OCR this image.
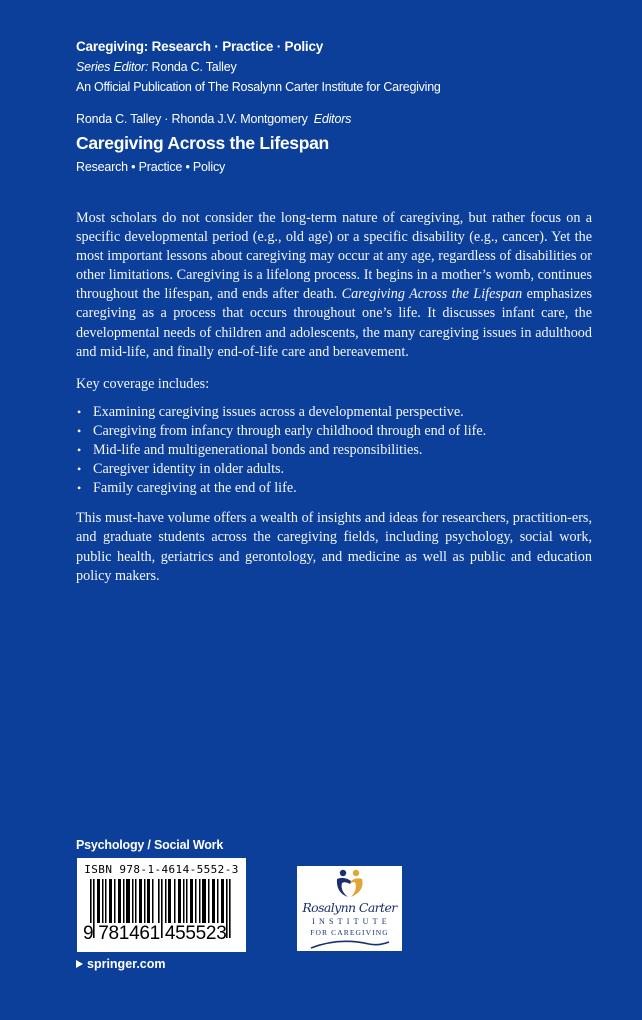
Caregiving: Research · Practice · Policy
Series Editor: Ronda C. Talley
An Official Publication of The Rosalynn Carter Institute for Caregiving
Ronda C. Talley · Rhonda J.V. Montgomery Editors
Caregiving Across the Lifespan
Research • Practice • Policy

Most scholars do not consider the long-term nature of caregiving, but rather focus on a specific developmental period (e.g., old age) or a specific disability (e.g., cancer). Yet the most important lessons about caregiving may occur at any age, regardless of disabilities or other limitations. Caregiving is a lifelong process. It begins in a mother’s womb, continues throughout the lifespan, and ends after death. Caregiving Across the Lifespan emphasizes caregiving as a process that occurs throughout one’s life. It discusses infant care, the developmental needs of children and adolescents, the many caregiving issues in adulthood and mid-life, and finally end-of-life care and bereavement.

Key coverage includes:

• Examining caregiving issues across a developmental perspective.
• Caregiving from infancy through early childhood through end of life.
• Mid-life and multigenerational bonds and responsibilities.
• Caregiver identity in older adults.
• Family caregiving at the end of life.

This must-have volume offers a wealth of insights and ideas for researchers, practition-ers, and graduate students across the caregiving fields, including psychology, social work, public health, geriatrics and gerontology, and medicine as well as public and education policy makers.

Psychology / Social Work
ISBN 978-1-4614-5552-3
9 781461 455523
springer.com
Rosalynn Carter
INSTITUTE
FOR CAREGIVING
